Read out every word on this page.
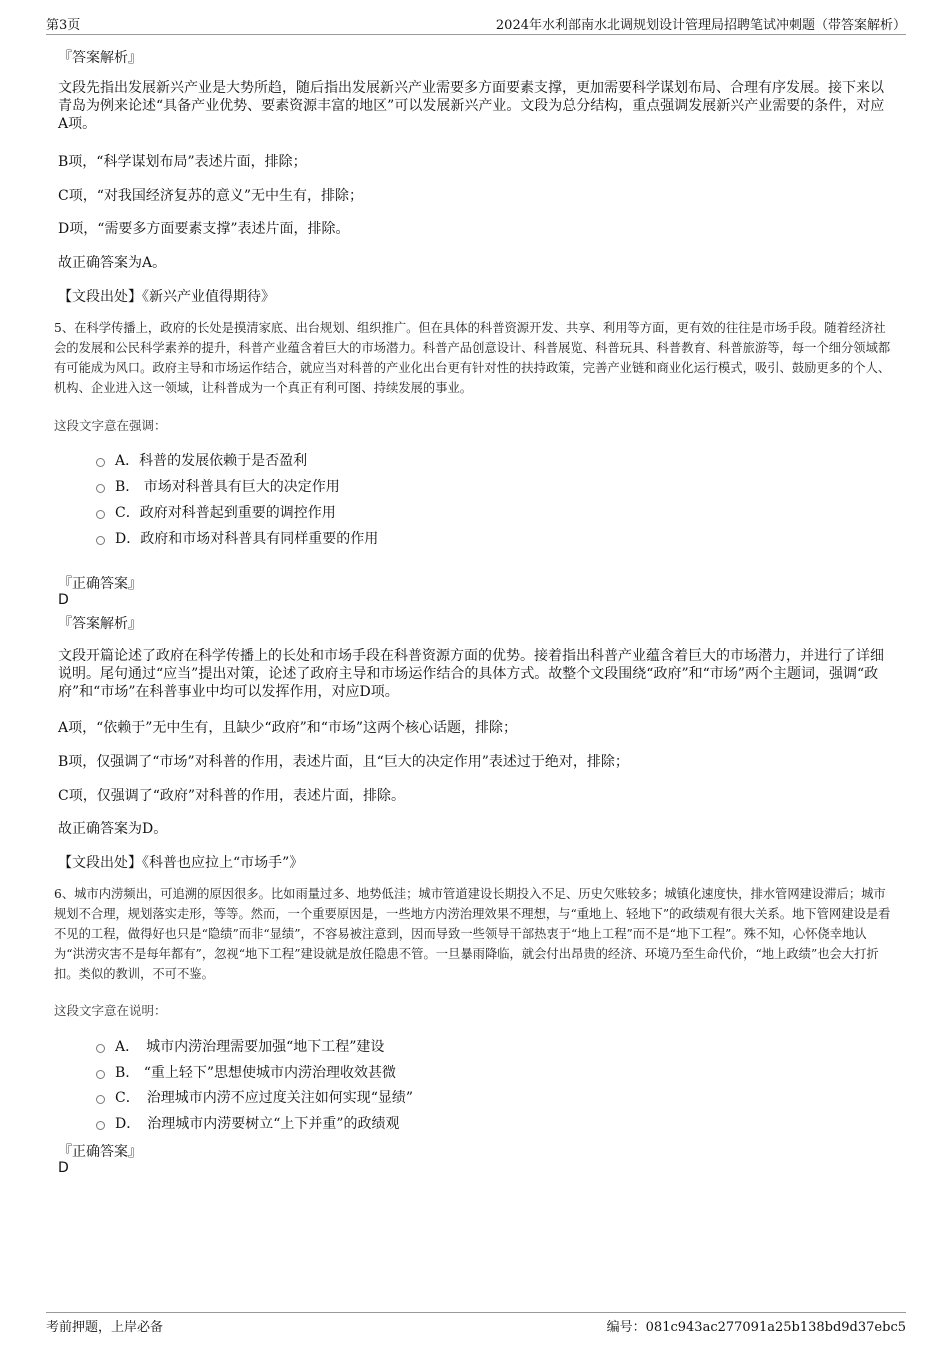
第3页	2024年水利部南水北调规划设计管理局招聘笔试冲刺题（带答案解析）
『答案解析』
文段先指出发展新兴产业是大势所趋，随后指出发展新兴产业需要多方面要素支撑，更加需要科学谋划布局、合理有序发展。接下来以青岛为例来论述“具备产业优势、要素资源丰富的地区”可以发展新兴产业。文段为总分结构，重点强调发展新兴产业需要的条件，对应A项。
B项，“科学谋划布局”表述片面，排除；
C项，“对我国经济复苏的意义”无中生有，排除；
D项，“需要多方面要素支撑”表述片面，排除。
故正确答案为A。
【文段出处】《新兴产业值得期待》
5、在科学传播上，政府的长处是摸清家底、出台规划、组织推广。但在具体的科普资源开发、共享、利用等方面，更有效的往往是市场手段。随着经济社会的发展和公民科学素养的提升，科普产业蕴含着巨大的市场潜力。科普产品创意设计、科普展览、科普玩具、科普教育、科普旅游等，每一个细分领域都有可能成为风口。政府主导和市场运作结合，就应当对科普的产业化出台更有针对性的扶持政策，完善产业链和商业化运行模式，吸引、鼓励更多的个人、机构、企业进入这一领域，让科普成为一个真正有利可图、持续发展的事业。
这段文字意在强调：
A．科普的发展依赖于是否盈利
B.　市场对科普具有巨大的决定作用
C．政府对科普起到重要的调控作用
D．政府和市场对科普具有同样重要的作用
『正确答案』
D
『答案解析』
文段开篇论述了政府在科学传播上的长处和市场手段在科普资源方面的优势。接着指出科普产业蕴含着巨大的市场潜力，并进行了详细说明。尾句通过“应当”提出对策，论述了政府主导和市场运作结合的具体方式。故整个文段围绕“政府”和“市场”两个主题词，强调“政府”和“市场”在科普事业中均可以发挥作用，对应D项。
A项，“依赖于”无中生有，且缺少“政府”和“市场”这两个核心话题，排除；
B项，仅强调了“市场”对科普的作用，表述片面，且“巨大的决定作用”表述过于绝对，排除；
C项，仅强调了“政府”对科普的作用，表述片面，排除。
故正确答案为D。
【文段出处】《科普也应拉上“市场手”》
6、城市内涝频出，可追溯的原因很多。比如雨量过多、地势低洼；城市管道建设长期投入不足、历史欠账较多；城镇化速度快，排水管网建设滞后；城市规划不合理，规划落实走形，等等。然而，一个重要原因是，一些地方内涝治理效果不理想，与“重地上、轻地下”的政绩观有很大关系。地下管网建设是看不见的工程，做得好也只是“隐绩”而非“显绩”，不容易被注意到，因而导致一些领导干部热衷于“地上工程”而不是“地下工程”。殊不知，心怀侥幸地认为“洪涝灾害不是每年都有”，忽视“地下工程”建设就是放任隐患不管。一旦暴雨降临，就会付出昂贵的经济、环境乃至生命代价，“地上政绩”也会大打折扣。类似的教训，不可不鉴。
这段文字意在说明：
A．　城市内涝治理需要加强“地下工程”建设
B.　“重上轻下”思想使城市内涝治理收效甚微
C．　治理城市内涝不应过度关注如何实现“显绩”
D．　治理城市内涝要树立“上下并重”的政绩观
『正确答案』
D
考前押题，上岸必备	编号：081c943ac277091a25b138bd9d37ebc5
